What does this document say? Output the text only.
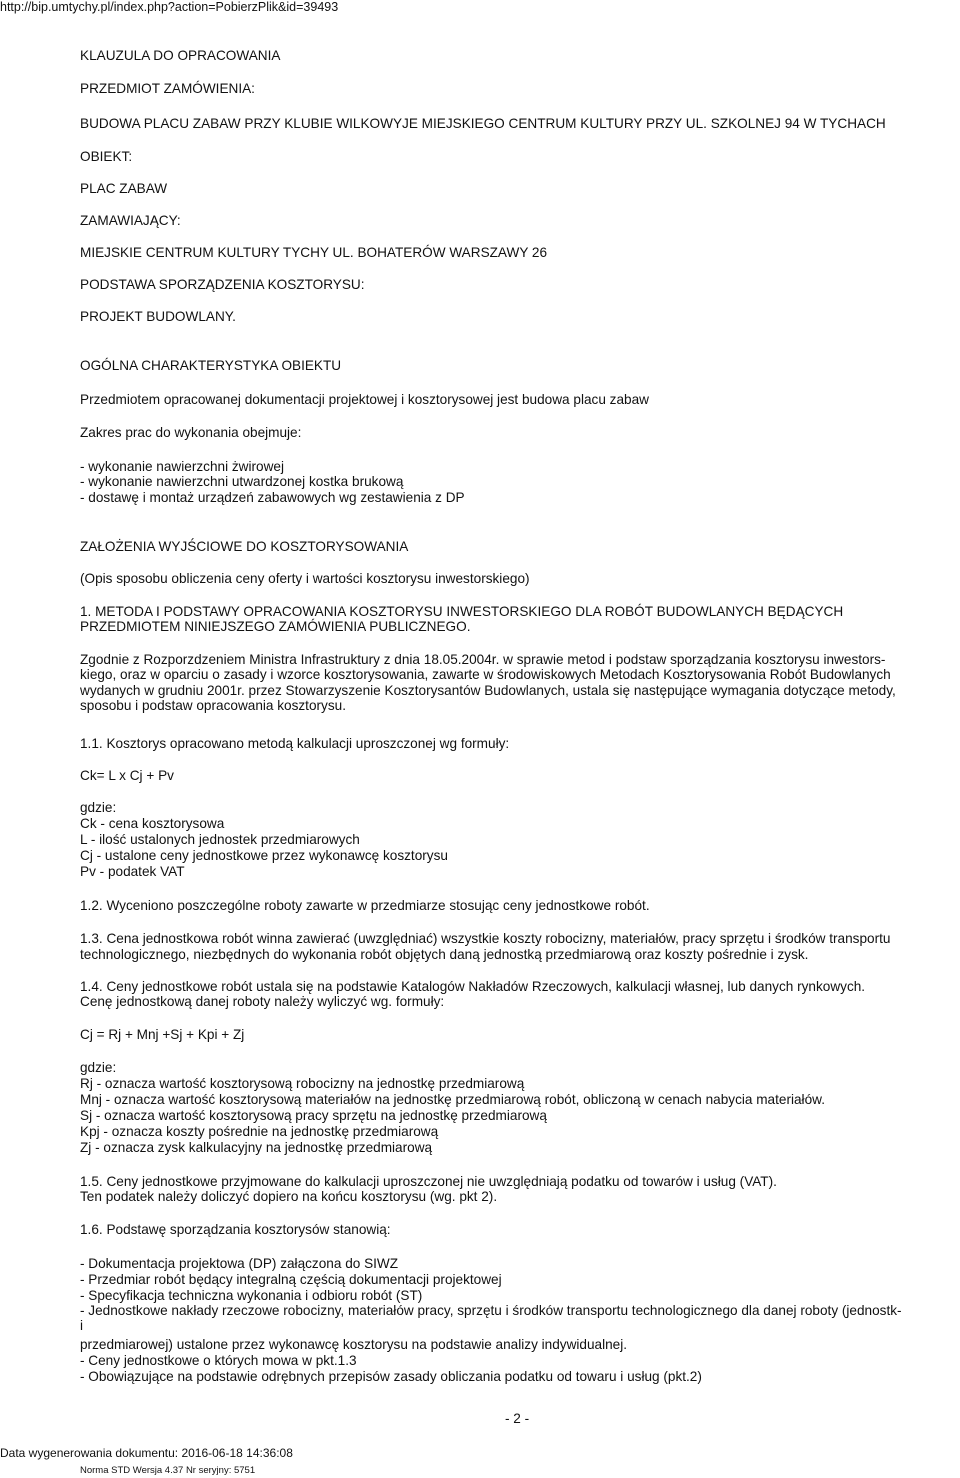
http://bip.umtychy.pl/index.php?action=PobierzPlik&id=39493
KLAUZULA DO OPRACOWANIA
PRZEDMIOT ZAMÓWIENIA:
BUDOWA PLACU ZABAW PRZY KLUBIE WILKOWYJE MIEJSKIEGO CENTRUM KULTURY PRZY UL. SZKOLNEJ 94 W TYCHACH
OBIEKT:
PLAC ZABAW
ZAMAWIAJĄCY:
MIEJSKIE CENTRUM KULTURY TYCHY UL. BOHATERÓW WARSZAWY 26
PODSTAWA SPORZĄDZENIA KOSZTORYSU:
PROJEKT BUDOWLANY.
OGÓLNA CHARAKTERYSTYKA OBIEKTU
Przedmiotem opracowanej dokumentacji projektowej i kosztorysowej jest budowa placu zabaw
Zakres prac do wykonania obejmuje:
- wykonanie nawierzchni żwirowej
- wykonanie nawierzchni utwardzonej kostka brukową
- dostawę i montaż urządzeń zabawowych wg zestawienia z DP
ZAŁOŻENIA WYJŚCIOWE DO KOSZTORYSOWANIA
(Opis sposobu obliczenia ceny oferty i wartości kosztorysu inwestorskiego)
1. METODA I PODSTAWY OPRACOWANIA KOSZTORYSU INWESTORSKIEGO DLA ROBÓT BUDOWLANYCH BĘDĄCYCH
PRZEDMIOTEM NINIEJSZEGO ZAMÓWIENIA PUBLICZNEGO.
Zgodnie z Rozporzdzeniem Ministra Infrastruktury z dnia 18.05.2004r. w sprawie metod i podstaw sporządzania kosztorysu inwestors-
kiego, oraz w oparciu o zasady i wzorce kosztorysowania, zawarte w środowiskowych Metodach Kosztorysowania Robót Budowlanych
wydanych w grudniu 2001r. przez Stowarzyszenie Kosztorysantów Budowlanych, ustala się następujące wymagania dotyczące metody,
sposobu i podstaw opracowania kosztorysu.
1.1. Kosztorys opracowano metodą kalkulacji uproszczonej wg formuły:
Ck= L x Cj + Pv
gdzie:
Ck - cena kosztorysowa
L - ilość ustalonych jednostek przedmiarowych
Cj - ustalone ceny jednostkowe przez wykonawcę kosztorysu
Pv - podatek VAT
1.2. Wyceniono poszczególne roboty zawarte w przedmiarze stosując ceny jednostkowe robót.
1.3. Cena jednostkowa robót winna zawierać (uwzględniać) wszystkie koszty robocizny, materiałów, pracy sprzętu i środków transportu
technologicznego, niezbędnych do wykonania robót objętych daną jednostką przedmiarową oraz koszty pośrednie i zysk.
1.4. Ceny jednostkowe robót ustala się na podstawie Katalogów Nakładów Rzeczowych, kalkulacji własnej, lub danych rynkowych.
Cenę jednostkową danej roboty należy wyliczyć wg. formuły:
Cj = Rj + Mnj +Sj + Kpi + Zj
gdzie:
Rj - oznacza wartość kosztorysową robocizny na jednostkę przedmiarową
Mnj - oznacza wartość kosztorysową materiałów na jednostkę przedmiarową robót, obliczoną w cenach nabycia materiałów.
Sj - oznacza wartość kosztorysową pracy sprzętu na jednostkę przedmiarową
Kpj - oznacza koszty pośrednie na jednostkę przedmiarową
Zj - oznacza zysk kalkulacyjny na jednostkę przedmiarową
1.5. Ceny jednostkowe przyjmowane do kalkulacji uproszczonej nie uwzględniają podatku od towarów i usług (VAT).
Ten podatek należy doliczyć dopiero na końcu kosztorysu (wg. pkt 2).
1.6. Podstawę sporządzania kosztorysów stanowią:
- Dokumentacja projektowa (DP) załączona do SIWZ
- Przedmiar robót będący integralną częścią dokumentacji projektowej
- Specyfikacja techniczna wykonania i odbioru robót (ST)
- Jednostkowe nakłady rzeczowe robocizny, materiałów pracy, sprzętu i środków transportu technologicznego dla danej roboty (jednostk-
i
przedmiarowej) ustalone przez wykonawcę kosztorysu na podstawie analizy indywidualnej.
- Ceny jednostkowe o których mowa w pkt.1.3
- Obowiązujące na podstawie odrębnych przepisów zasady obliczania podatku od towaru i usług (pkt.2)
- 2 -
Data wygenerowania dokumentu: 2016-06-18 14:36:08
Norma STD Wersja 4.37 Nr seryjny: 5751
